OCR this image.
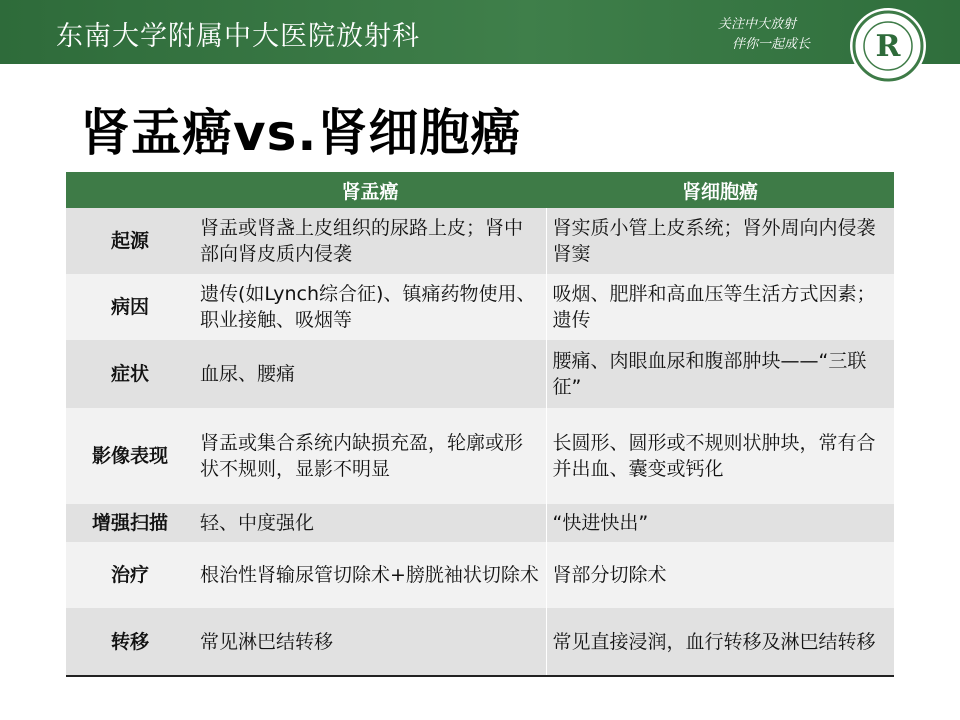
东南大学附属中大医院放射科	关注中大放射
伴你一起成长 R
肾盂癌vs.肾细胞癌
	肾盂癌	肾细胞癌
起源	肾盂或肾盏上皮组织的尿路上皮；肾中部向肾皮质内侵袭	肾实质小管上皮系统；肾外周向内侵袭肾窦
病因	遗传(如Lynch综合征)、镇痛药物使用、职业接触、吸烟等	吸烟、肥胖和高血压等生活方式因素；遗传
症状	血尿、腰痛	腰痛、肉眼血尿和腹部肿块——“三联征”
影像表现	肾盂或集合系统内缺损充盈，轮廓或形状不规则，显影不明显	长圆形、圆形或不规则状肿块，常有合并出血、囊变或钙化
增强扫描	轻、中度强化	“快进快出”
治疗	根治性肾输尿管切除术+膀胱袖状切除术	肾部分切除术
转移	常见淋巴结转移	常见直接浸润，血行转移及淋巴结转移
